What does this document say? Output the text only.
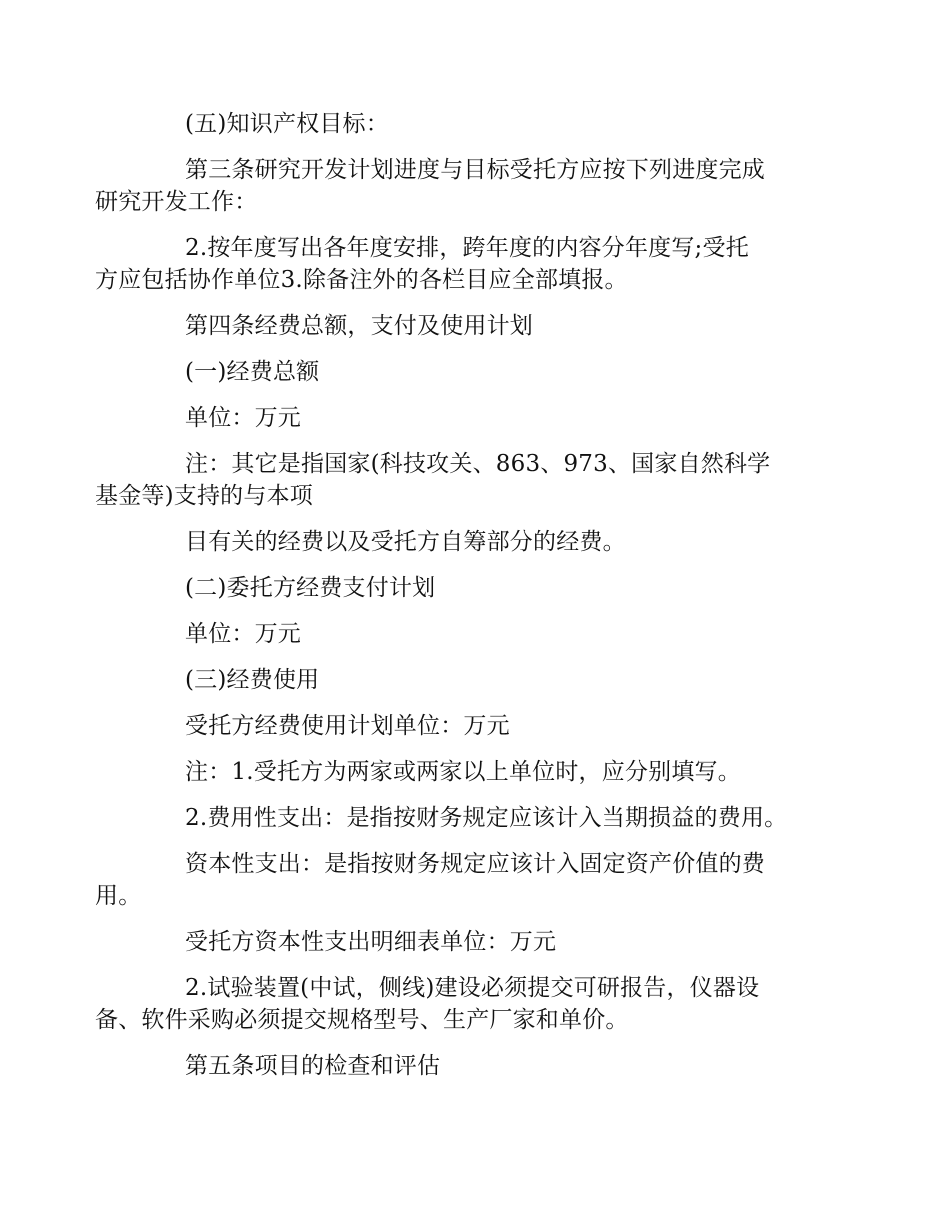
(五)知识产权目标：

第三条研究开发计划进度与目标受托方应按下列进度完成
研究开发工作：

2.按年度写出各年度安排，跨年度的内容分年度写;受托
方应包括协作单位3.除备注外的各栏目应全部填报。

第四条经费总额，支付及使用计划

(一)经费总额

单位：万元

注：其它是指国家(科技攻关、863、973、国家自然科学
基金等)支持的与本项

目有关的经费以及受托方自筹部分的经费。

(二)委托方经费支付计划

单位：万元

(三)经费使用

受托方经费使用计划单位：万元

注：1.受托方为两家或两家以上单位时，应分别填写。

2.费用性支出：是指按财务规定应该计入当期损益的费用。

资本性支出：是指按财务规定应该计入固定资产价值的费
用。

受托方资本性支出明细表单位：万元

2.试验装置(中试，侧线)建设必须提交可研报告，仪器设
备、软件采购必须提交规格型号、生产厂家和单价。

第五条项目的检查和评估
